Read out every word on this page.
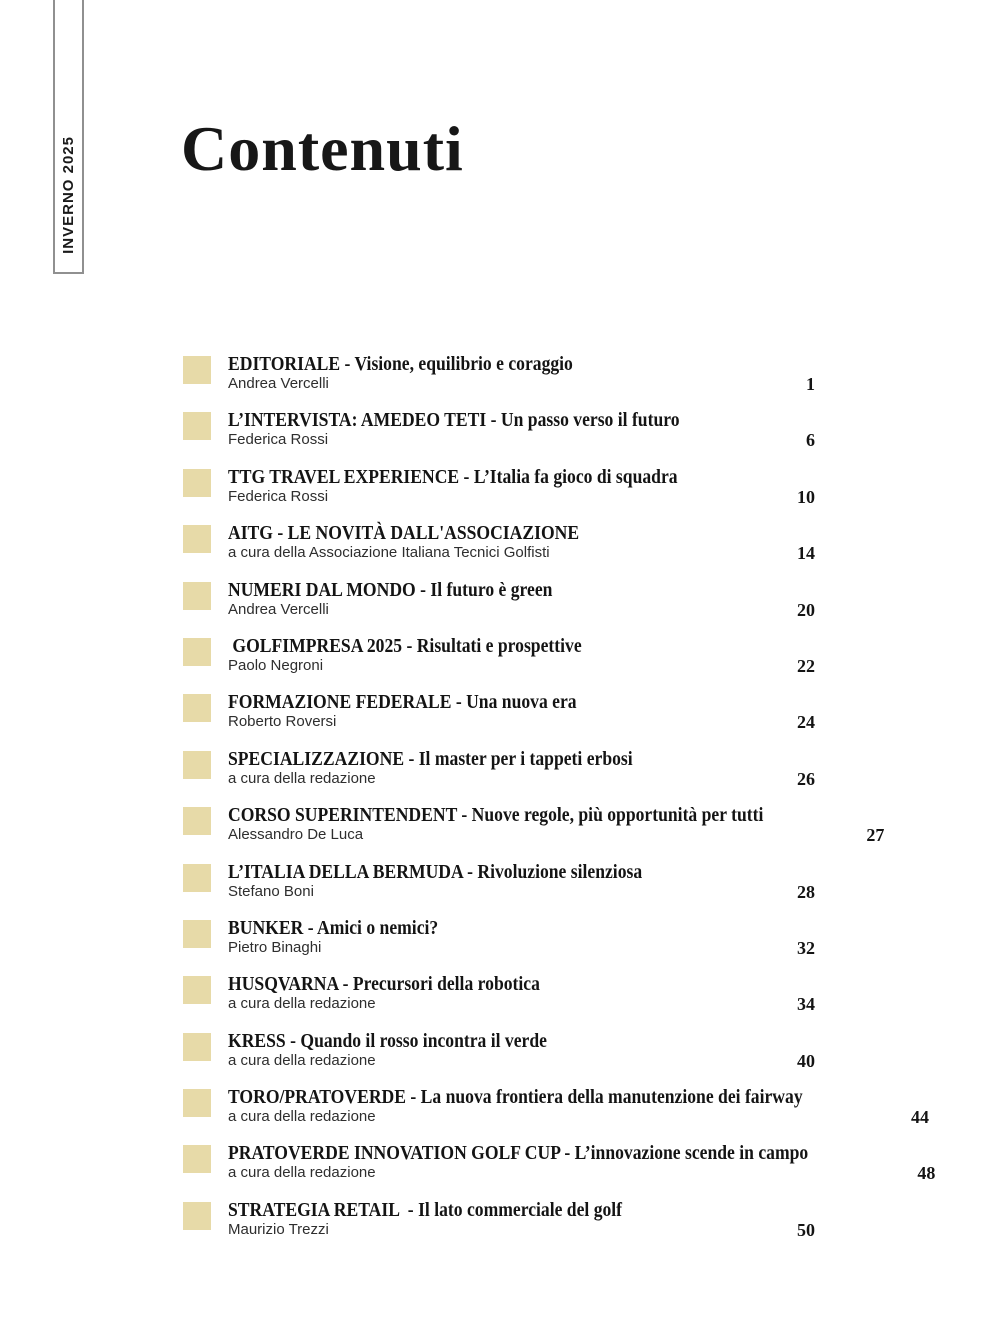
INVERNO 2025 Contenuti
EDITORIALE - Visione, equilibrio e coraggio
Andrea Vercelli	1
L’INTERVISTA: AMEDEO TETI - Un passo verso il futuro
Federica Rossi	6
TTG TRAVEL EXPERIENCE - L’Italia fa gioco di squadra
Federica Rossi	10
AITG - LE NOVITÀ DALL'ASSOCIAZIONE
a cura della Associazione Italiana Tecnici Golfisti	14
NUMERI DAL MONDO - Il futuro è green
Andrea Vercelli	20
GOLFIMPRESA 2025 - Risultati e prospettive
Paolo Negroni	22
FORMAZIONE FEDERALE - Una nuova era
Roberto Roversi	24
SPECIALIZZAZIONE - Il master per i tappeti erbosi
a cura della redazione	26
CORSO SUPERINTENDENT - Nuove regole, più opportunità per tutti
Alessandro De Luca	27
L’ITALIA DELLA BERMUDA - Rivoluzione silenziosa
Stefano Boni	28
BUNKER - Amici o nemici?
Pietro Binaghi	32
HUSQVARNA - Precursori della robotica
a cura della redazione	34
KRESS - Quando il rosso incontra il verde
a cura della redazione	40
TORO/PRATOVERDE - La nuova frontiera della manutenzione dei fairway
a cura della redazione	44
PRATOVERDE INNOVATION GOLF CUP - L’innovazione scende in campo
a cura della redazione	48
STRATEGIA RETAIL  - Il lato commerciale del golf
Maurizio Trezzi	50
